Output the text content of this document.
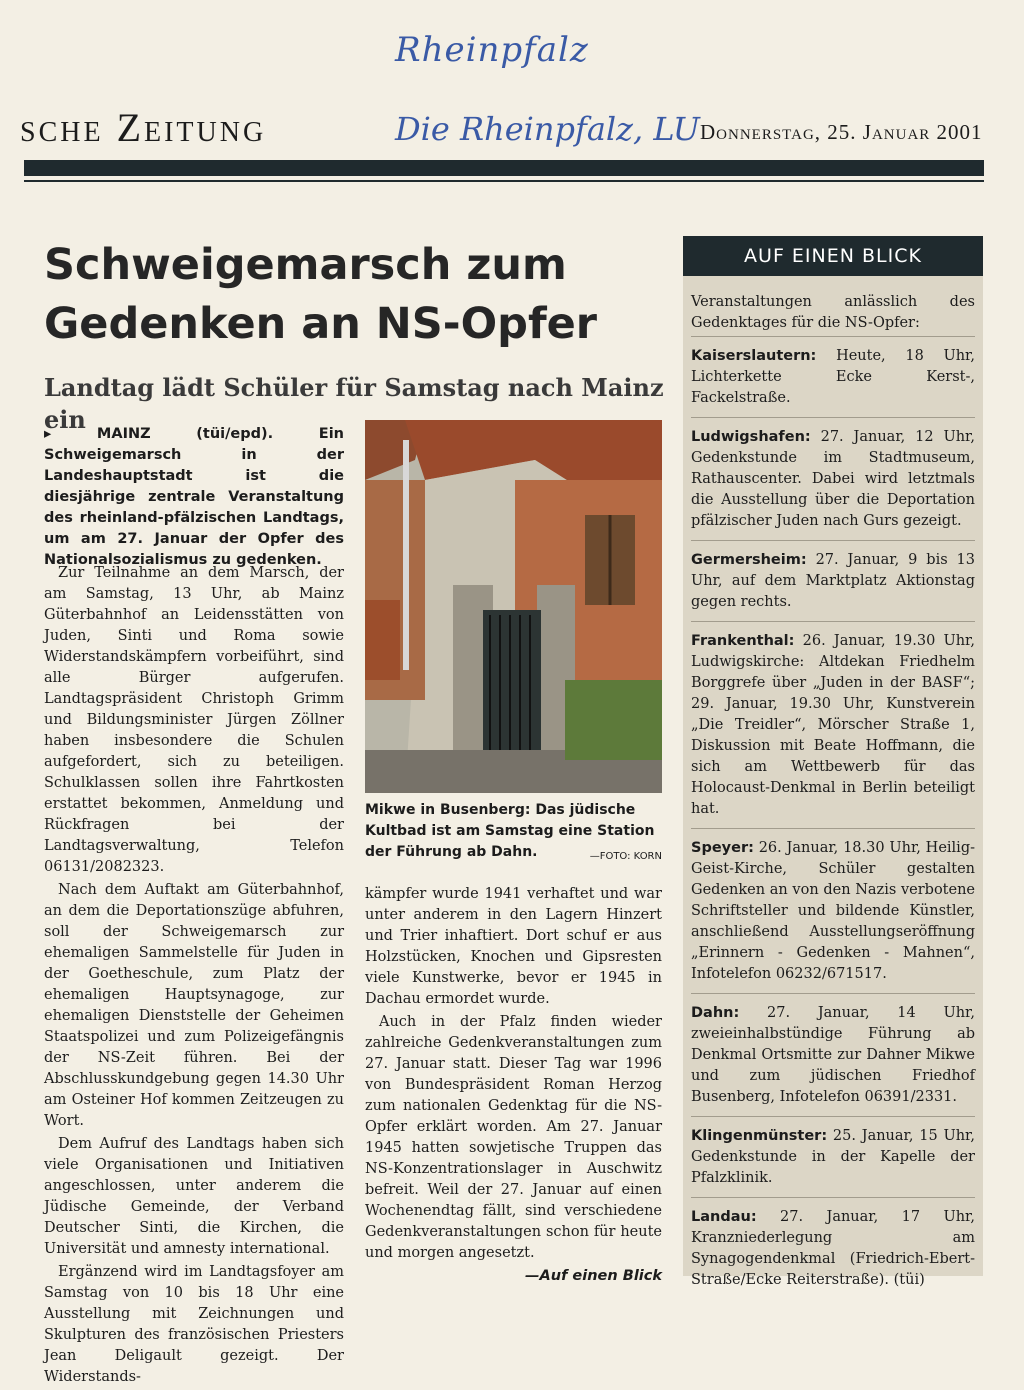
Rheinpfalz
Die Rheinpfalz, LU
sche Zeitung	Donnerstag, 25. Januar 2001
Schweigemarsch zum Gedenken an NS-Opfer
Landtag lädt Schüler für Samstag nach Mainz ein
▸ MAINZ (tüi/epd). Ein Schweigemarsch in der Landeshauptstadt ist die diesjährige zentrale Veranstaltung des rheinland-pfälzischen Landtags, um am 27. Januar der Opfer des Nationalsozialismus zu gedenken.

Zur Teilnahme an dem Marsch, der am Samstag, 13 Uhr, ab Mainz Güterbahnhof an Leidensstätten von Juden, Sinti und Roma sowie Widerstandskämpfern vorbeiführt, sind alle Bürger aufgerufen. Landtagspräsident Christoph Grimm und Bildungsminister Jürgen Zöllner haben insbesondere die Schulen aufgefordert, sich zu beteiligen. Schulklassen sollen ihre Fahrtkosten erstattet bekommen, Anmeldung und Rückfragen bei der Landtagsverwaltung, Telefon 06131/2082323.

Nach dem Auftakt am Güterbahnhof, an dem die Deportationszüge abfuhren, soll der Schweigemarsch zur ehemaligen Sammelstelle für Juden in der Goetheschule, zum Platz der ehemaligen Hauptsynagoge, zur ehemaligen Dienststelle der Geheimen Staatspolizei und zum Polizeigefängnis der NS-Zeit führen. Bei der Abschlusskundgebung gegen 14.30 Uhr am Osteiner Hof kommen Zeitzeugen zu Wort.

Dem Aufruf des Landtags haben sich viele Organisationen und Initiativen angeschlossen, unter anderem die Jüdische Gemeinde, der Verband Deutscher Sinti, die Kirchen, die Universität und amnesty international.

Ergänzend wird im Landtagsfoyer am Samstag von 10 bis 18 Uhr eine Ausstellung mit Zeichnungen und Skulpturen des französischen Priesters Jean Deligault gezeigt. Der Widerstands-

Mikwe in Busenberg: Das jüdische Kultbad ist am Samstag eine Station der Führung ab Dahn.	—FOTO: KORN

kämpfer wurde 1941 verhaftet und war unter anderem in den Lagern Hinzert und Trier inhaftiert. Dort schuf er aus Holzstücken, Knochen und Gipsresten viele Kunstwerke, bevor er 1945 in Dachau ermordet wurde.

Auch in der Pfalz finden wieder zahlreiche Gedenkveranstaltungen zum 27. Januar statt. Dieser Tag war 1996 von Bundespräsident Roman Herzog zum nationalen Gedenktag für die NS-Opfer erklärt worden. Am 27. Januar 1945 hatten sowjetische Truppen das NS-Konzentrationslager in Auschwitz befreit. Weil der 27. Januar auf einen Wochenendtag fällt, sind verschiedene Gedenkveranstaltungen schon für heute und morgen angesetzt.

—Auf einen Blick
AUF EINEN BLICK
Veranstaltungen anlässlich des Gedenktages für die NS-Opfer:
Kaiserslautern: Heute, 18 Uhr, Lichterkette Ecke Kerst-, Fackelstraße.
Ludwigshafen: 27. Januar, 12 Uhr, Gedenkstunde im Stadtmuseum, Rathauscenter. Dabei wird letztmals die Ausstellung über die Deportation pfälzischer Juden nach Gurs gezeigt.
Germersheim: 27. Januar, 9 bis 13 Uhr, auf dem Marktplatz Aktionstag gegen rechts.
Frankenthal: 26. Januar, 19.30 Uhr, Ludwigskirche: Altdekan Friedhelm Borggrefe über „Juden in der BASF“; 29. Januar, 19.30 Uhr, Kunstverein „Die Treidler“, Mörscher Straße 1, Diskussion mit Beate Hoffmann, die sich am Wettbewerb für das Holocaust-Denkmal in Berlin beteiligt hat.
Speyer: 26. Januar, 18.30 Uhr, Heilig-Geist-Kirche, Schüler gestalten Gedenken an von den Nazis verbotene Schriftsteller und bildende Künstler, anschließend Ausstellungseröffnung „Erinnern - Gedenken - Mahnen“, Infotelefon 06232/671517.
Dahn: 27. Januar, 14 Uhr, zweieinhalbstündige Führung ab Denkmal Ortsmitte zur Dahner Mikwe und zum jüdischen Friedhof Busenberg, Infotelefon 06391/2331.
Klingenmünster: 25. Januar, 15 Uhr, Gedenkstunde in der Kapelle der Pfalzklinik.
Landau: 27. Januar, 17 Uhr, Kranzniederlegung am Synagogendenkmal (Friedrich-Ebert-Straße/Ecke Reiterstraße). (tüi)
